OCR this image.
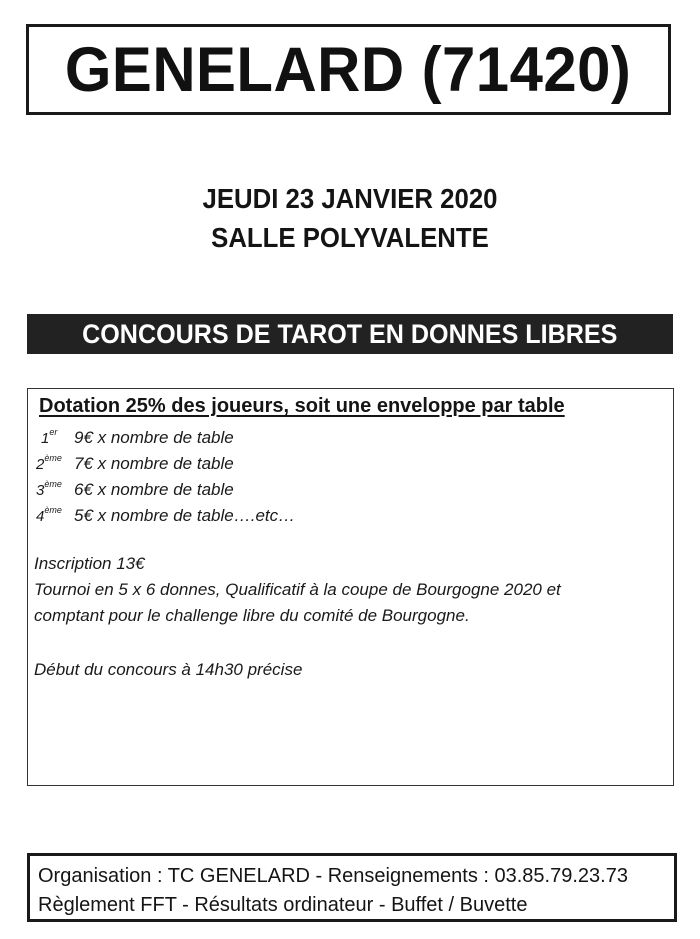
GENELARD (71420)
JEUDI 23 JANVIER 2020
SALLE POLYVALENTE
CONCOURS DE TAROT EN DONNES LIBRES
Dotation 25% des joueurs, soit une enveloppe par table
1er 9€ x nombre de table
2ème 7€ x nombre de table
3ème 6€ x nombre de table
4ème 5€ x nombre de table….etc…
Inscription 13€
Tournoi en 5 x 6 donnes, Qualificatif à la coupe de Bourgogne 2020 et
comptant pour le challenge libre du comité de Bourgogne.
Début du concours à 14h30 précise
Organisation : TC GENELARD - Renseignements : 03.85.79.23.73
Règlement FFT - Résultats ordinateur - Buffet / Buvette
